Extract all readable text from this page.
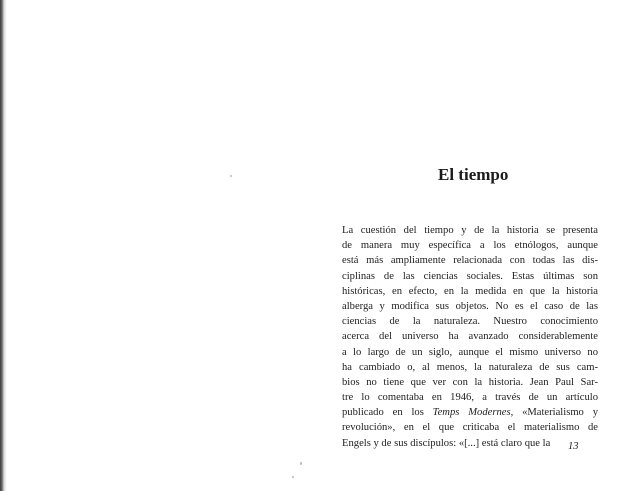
El tiempo
La cuestión del tiempo y de la historia se presenta
de manera muy específica a los etnólogos, aunque
está más ampliamente relacionada con todas las dis-
ciplinas de las ciencias sociales. Estas últimas son
históricas, en efecto, en la medida en que la historia
alberga y modifica sus objetos. No es el caso de las
ciencias de la naturaleza. Nuestro conocimiento
acerca del universo ha avanzado considerablemente
a lo largo de un siglo, aunque el mismo universo no
ha cambiado o, al menos, la naturaleza de sus cam-
bios no tiene que ver con la historia. Jean Paul Sar-
tre lo comentaba en 1946, a través de un artículo
publicado en los Temps Modernes, «Materialismo y
revolución», en el que criticaba el materialismo de
Engels y de sus discípulos: «[...] está claro que la	13
